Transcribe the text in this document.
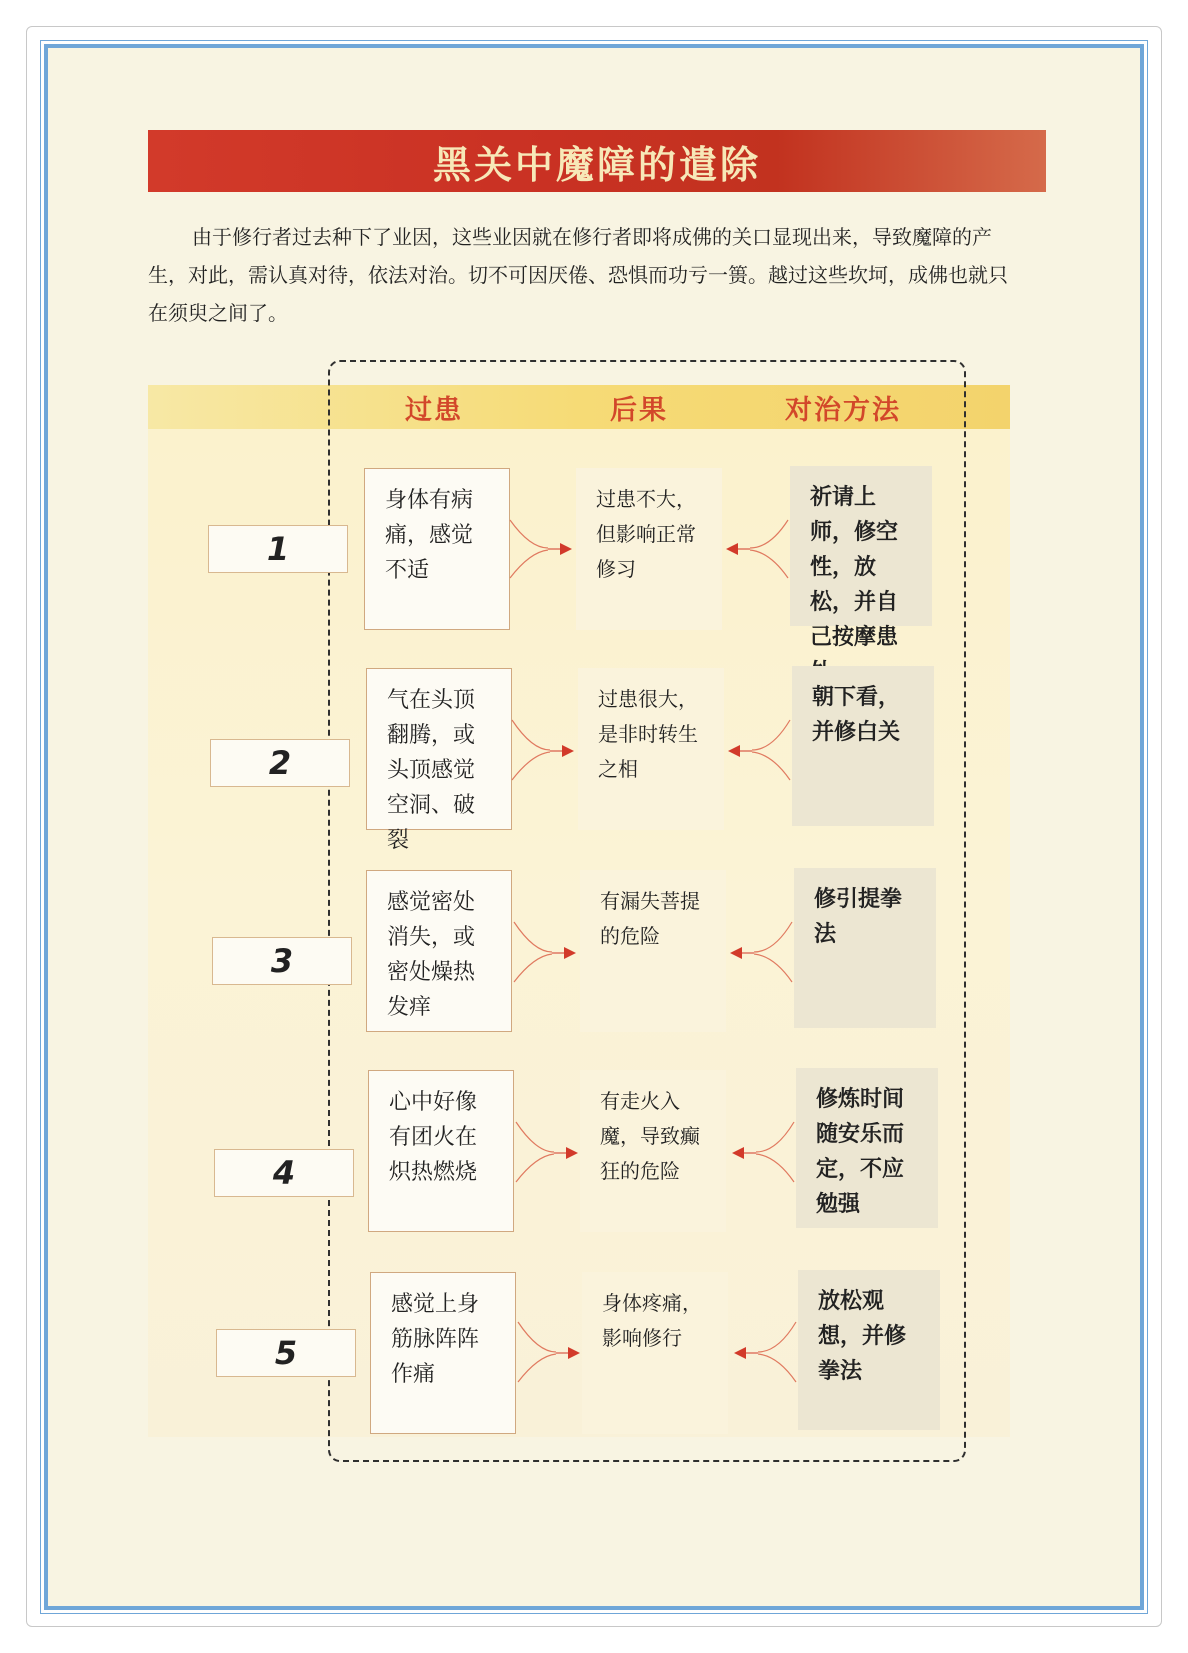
黑关中魔障的遣除
由于修行者过去种下了业因，这些业因就在修行者即将成佛的关口显现出来，导致魔障的产生，对此，需认真对待，依法对治。切不可因厌倦、恐惧而功亏一篑。越过这些坎坷，成佛也就只在须臾之间了。
过患	后果	对治方法
1
身体有病痛，感觉不适
过患不大，但影响正常修习
祈请上师，修空性，放松，并自己按摩患
2
气在头顶翻腾，或头顶感觉空洞、破裂
过患很大，是非时转生之相
朝下看，并修白关
3
感觉密处消失，或密处燥热发痒
有漏失菩提的危险
修引提拳法
4
心中好像有团火在炽热燃烧
有走火入魔，导致癫狂的危险
修炼时间随安乐而定，不应勉强
5
感觉上身筋脉阵阵作痛
身体疼痛，影响修行
放松观想，并修拳法
